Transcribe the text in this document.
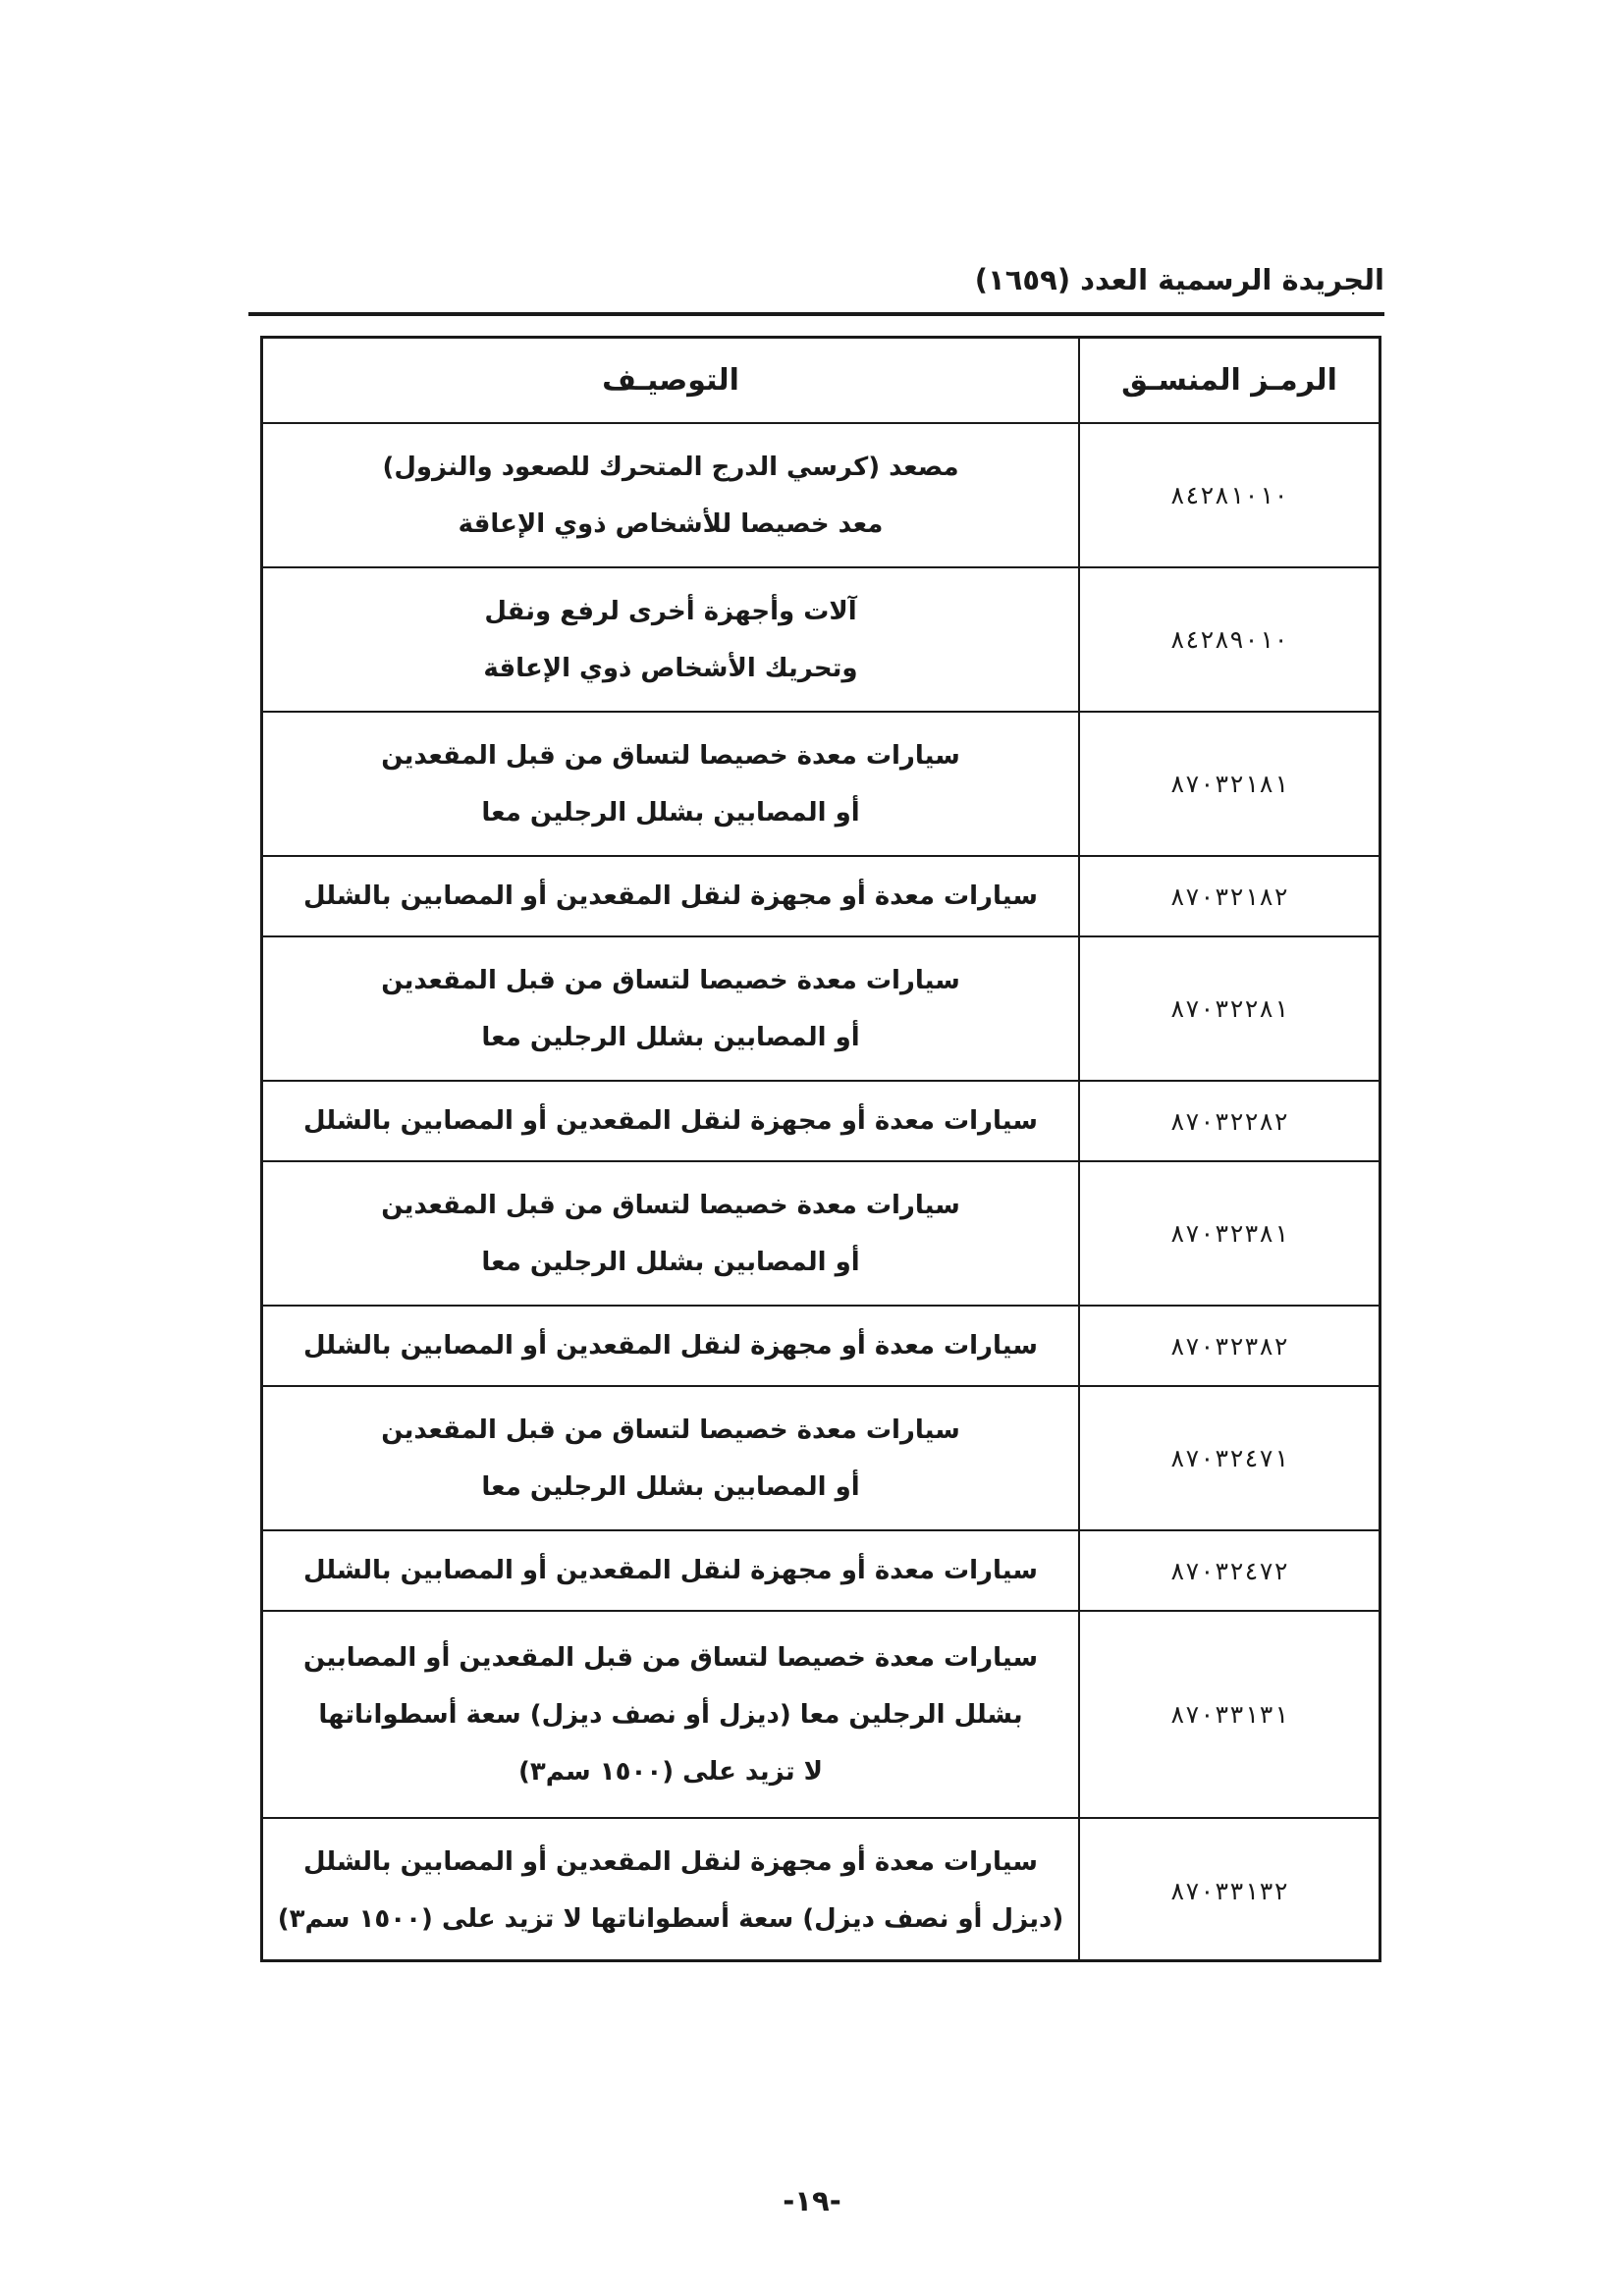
الجريدة الرسمية العدد (١٦٥٩)
الرمـز المنسـق	التوصيـف
٨٤٢٨١٠١٠	مصعد (كرسي الدرج المتحرك للصعود والنزول)
معد خصيصا للأشخاص ذوي الإعاقة

٨٤٢٨٩٠١٠	آلات وأجهزة أخرى لرفع ونقل
وتحريك الأشخاص ذوي الإعاقة

٨٧٠٣٢١٨١	سيارات معدة خصيصا لتساق من قبل المقعدين
أو المصابين بشلل الرجلين معا

٨٧٠٣٢١٨٢	سيارات معدة أو مجهزة لنقل المقعدين أو المصابين بالشلل

٨٧٠٣٢٢٨١	سيارات معدة خصيصا لتساق من قبل المقعدين
أو المصابين بشلل الرجلين معا

٨٧٠٣٢٢٨٢	سيارات معدة أو مجهزة لنقل المقعدين أو المصابين بالشلل

٨٧٠٣٢٣٨١	سيارات معدة خصيصا لتساق من قبل المقعدين
أو المصابين بشلل الرجلين معا

٨٧٠٣٢٣٨٢	سيارات معدة أو مجهزة لنقل المقعدين أو المصابين بالشلل

٨٧٠٣٢٤٧١	سيارات معدة خصيصا لتساق من قبل المقعدين
أو المصابين بشلل الرجلين معا

٨٧٠٣٢٤٧٢	سيارات معدة أو مجهزة لنقل المقعدين أو المصابين بالشلل

٨٧٠٣٣١٣١	سيارات معدة خصيصا لتساق من قبل المقعدين أو المصابين
بشلل الرجلين معا (ديزل أو نصف ديزل) سعة أسطواناتها
لا تزيد على (١٥٠٠ سم٣)

٨٧٠٣٣١٣٢	سيارات معدة أو مجهزة لنقل المقعدين أو المصابين بالشلل
(ديزل أو نصف ديزل) سعة أسطواناتها لا تزيد على (١٥٠٠ سم٣)
-١٩-
